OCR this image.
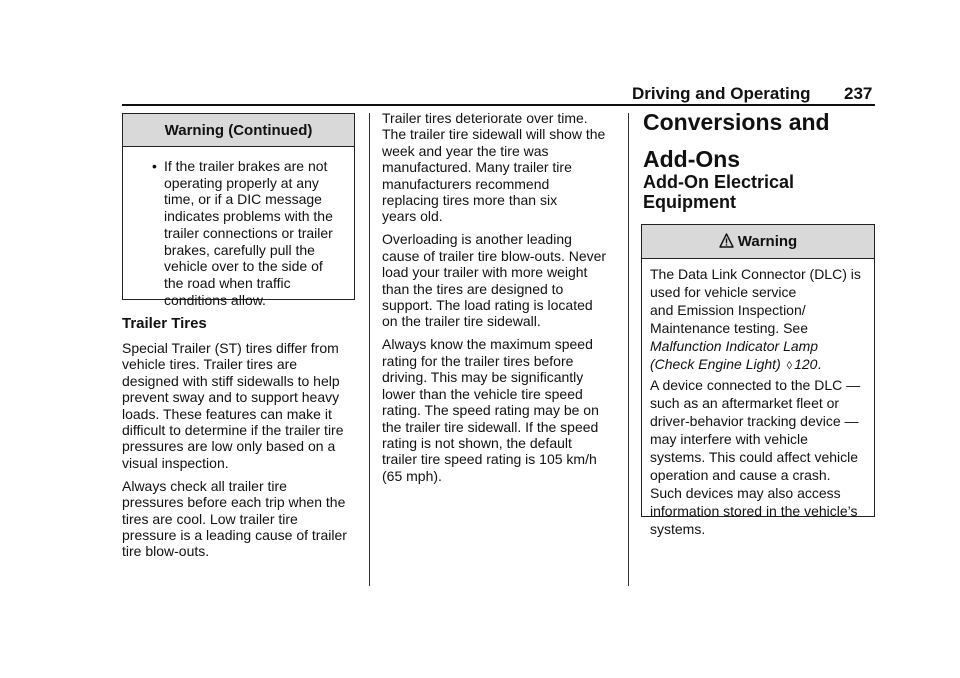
Driving and Operating 237
Warning (Continued)
• If the trailer brakes are not
operating properly at any
time, or if a DIC message
indicates problems with the
trailer connections or trailer
brakes, carefully pull the
vehicle over to the side of
the road when traffic
conditions allow.
Trailer Tires

Special Trailer (ST) tires differ from
vehicle tires. Trailer tires are
designed with stiff sidewalls to help
prevent sway and to support heavy
loads. These features can make it
difficult to determine if the trailer tire
pressures are low only based on a
visual inspection.

Always check all trailer tire
pressures before each trip when the
tires are cool. Low trailer tire
pressure is a leading cause of trailer
tire blow-outs.

Trailer tires deteriorate over time.
The trailer tire sidewall will show the
week and year the tire was
manufactured. Many trailer tire
manufacturers recommend
replacing tires more than six
years old.

Overloading is another leading
cause of trailer tire blow-outs. Never
load your trailer with more weight
than the tires are designed to
support. The load rating is located
on the trailer tire sidewall.

Always know the maximum speed
rating for the trailer tires before
driving. This may be significantly
lower than the vehicle tire speed
rating. The speed rating may be on
the trailer tire sidewall. If the speed
rating is not shown, the default
trailer tire speed rating is 105 km/h
(65 mph).

Conversions and
Add-Ons
Add-On Electrical
Equipment
Warning
The Data Link Connector (DLC) is
used for vehicle service
and Emission Inspection/
Maintenance testing. See
Malfunction Indicator Lamp
(Check Engine Light) ◊ 120.
A device connected to the DLC —
such as an aftermarket fleet or
driver-behavior tracking device —
may interfere with vehicle
systems. This could affect vehicle
operation and cause a crash.
Such devices may also access
information stored in the vehicle’s
systems.
